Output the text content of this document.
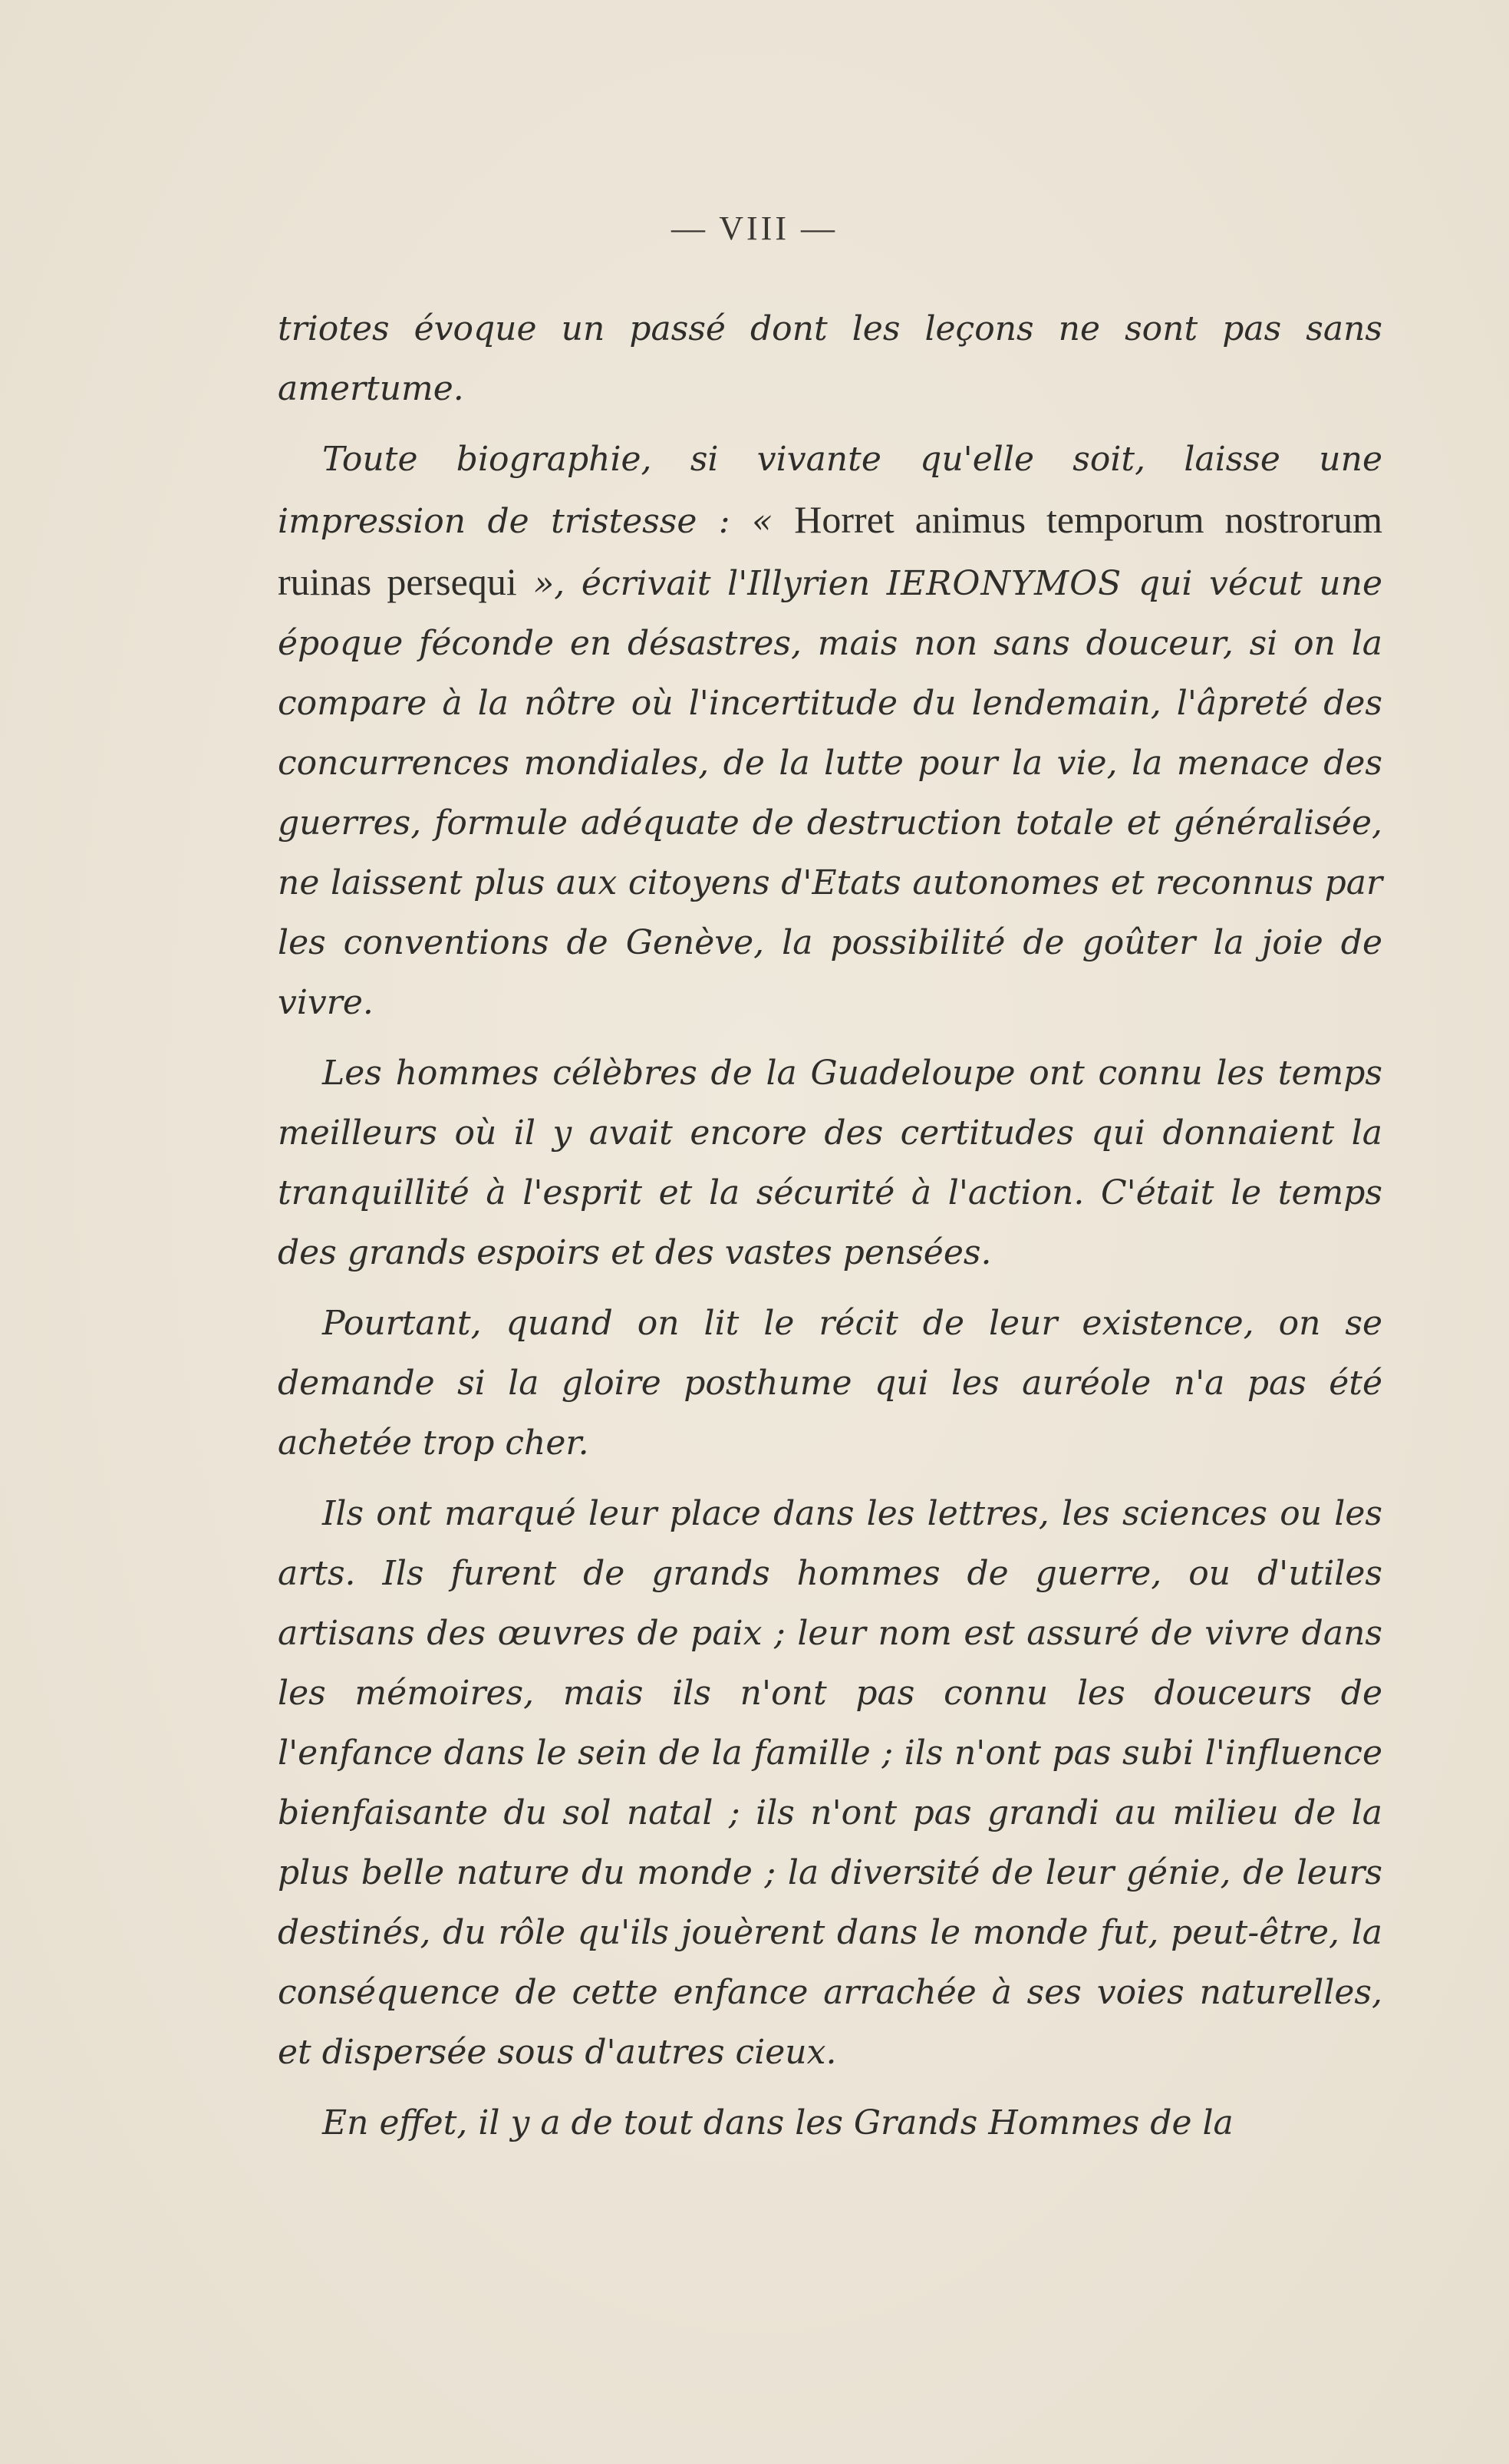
— VIII —

triotes évoque un passé dont les leçons ne sont pas sans amertume.

Toute biographie, si vivante qu'elle soit, laisse une impression de tristesse : « Horret animus temporum nostrorum ruinas persequi », écrivait l'Illyrien IERONYMOS qui vécut une époque féconde en désastres, mais non sans douceur, si on la compare à la nôtre où l'incertitude du lendemain, l'âpreté des concurrences mondiales, de la lutte pour la vie, la menace des guerres, formule adéquate de destruction totale et généralisée, ne laissent plus aux citoyens d'Etats autonomes et reconnus par les conventions de Genève, la possibilité de goûter la joie de vivre.

Les hommes célèbres de la Guadeloupe ont connu les temps meilleurs où il y avait encore des certitudes qui donnaient la tranquillité à l'esprit et la sécurité à l'action. C'était le temps des grands espoirs et des vastes pensées.

Pourtant, quand on lit le récit de leur existence, on se demande si la gloire posthume qui les auréole n'a pas été achetée trop cher.

Ils ont marqué leur place dans les lettres, les sciences ou les arts. Ils furent de grands hommes de guerre, ou d'utiles artisans des œuvres de paix ; leur nom est assuré de vivre dans les mémoires, mais ils n'ont pas connu les douceurs de l'enfance dans le sein de la famille ; ils n'ont pas subi l'influence bienfaisante du sol natal ; ils n'ont pas grandi au milieu de la plus belle nature du monde ; la diversité de leur génie, de leurs destinés, du rôle qu'ils jouèrent dans le monde fut, peut-être, la conséquence de cette enfance arrachée à ses voies naturelles, et dispersée sous d'autres cieux.

En effet, il y a de tout dans les Grands Hommes de la
